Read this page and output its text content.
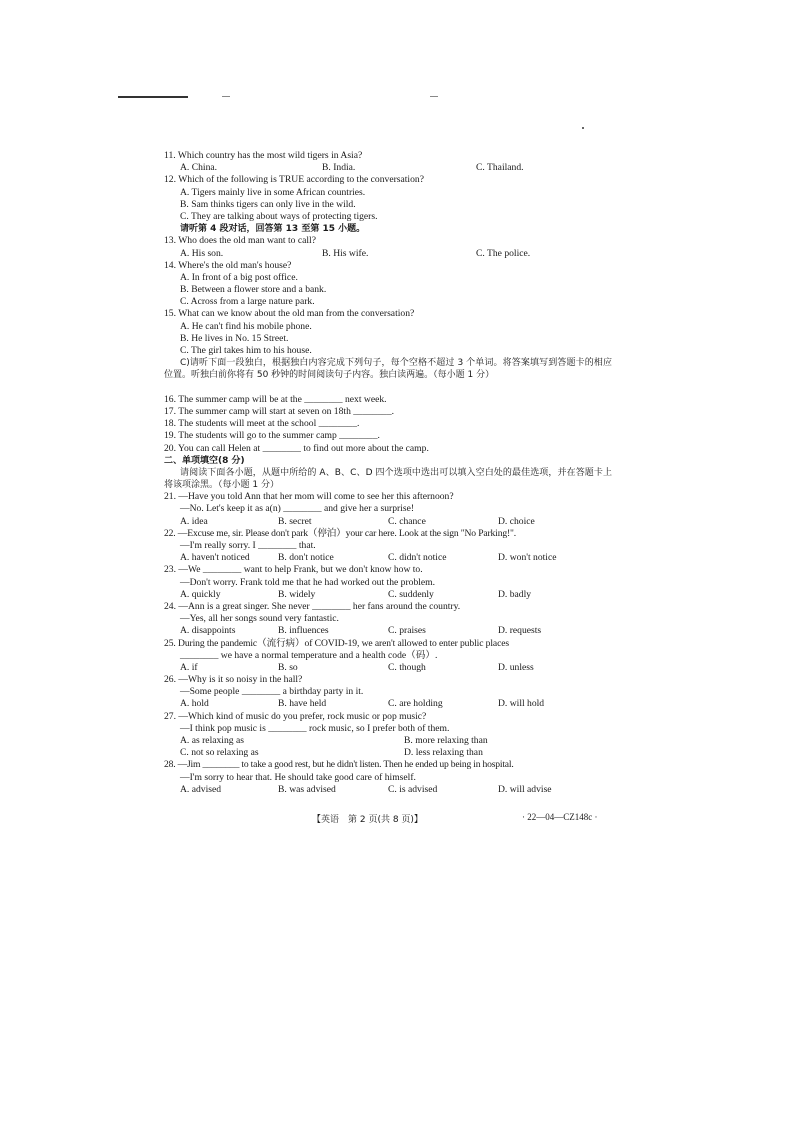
11. Which country has the most wild tigers in Asia?
A. China.	B. India.	C. Thailand.
12. Which of the following is TRUE according to the conversation?
A. Tigers mainly live in some African countries.
B. Sam thinks tigers can only live in the wild.
C. They are talking about ways of protecting tigers.
请听第 4 段对话，回答第 13 至第 15 小题。
13. Who does the old man want to call?
A. His son.	B. His wife.	C. The police.
14. Where's the old man's house?
A. In front of a big post office.
B. Between a flower store and a bank.
C. Across from a large nature park.
15. What can we know about the old man from the conversation?
A. He can't find his mobile phone.
B. He lives in No. 15 Street.
C. The girl takes him to his house.
C)请听下面一段独白，根据独白内容完成下列句子，每个空格不超过 3 个单词。将答案填写到答题卡的相应位置。听独白前你将有 50 秒钟的时间阅读句子内容。独白读两遍。（每小题 1 分）
16. The summer camp will be at the ________ next week.
17. The summer camp will start at seven on 18th ________.
18. The students will meet at the school ________.
19. The students will go to the summer camp ________.
20. You can call Helen at ________ to find out more about the camp.
二、单项填空(8 分)
请阅读下面各小题，从题中所给的 A、B、C、D 四个选项中选出可以填入空白处的最佳选项，并在答题卡上将该项涂黑。（每小题 1 分）
21. —Have you told Ann that her mom will come to see her this afternoon?
—No. Let's keep it as a(n) ________ and give her a surprise!
A. idea	B. secret	C. chance	D. choice
22. —Excuse me, sir. Please don't park（停泊）your car here. Look at the sign "No Parking!".
—I'm really sorry. I ________ that.
A. haven't noticed	B. don't notice	C. didn't notice	D. won't notice
23. —We ________ want to help Frank, but we don't know how to.
—Don't worry. Frank told me that he had worked out the problem.
A. quickly	B. widely	C. suddenly	D. badly
24. —Ann is a great singer. She never ________ her fans around the country.
—Yes, all her songs sound very fantastic.
A. disappoints	B. influences	C. praises	D. requests
25. During the pandemic（流行病）of COVID-19, we aren't allowed to enter public places
________ we have a normal temperature and a health code（码）.
A. if	B. so	C. though	D. unless
26. —Why is it so noisy in the hall?
—Some people ________ a birthday party in it.
A. hold	B. have held	C. are holding	D. will hold
27. —Which kind of music do you prefer, rock music or pop music?
—I think pop music is ________ rock music, so I prefer both of them.
A. as relaxing as	B. more relaxing than
C. not so relaxing as	D. less relaxing than
28. —Jim ________ to take a good rest, but he didn't listen. Then he ended up being in hospital.
—I'm sorry to hear that. He should take good care of himself.
A. advised	B. was advised	C. is advised	D. will advise
【英语　第 2 页(共 8 页)】	· 22—04—CZ148c ·
